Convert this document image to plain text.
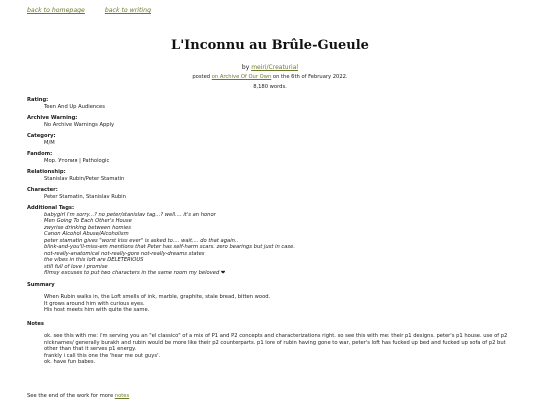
back to homepage	back to writing
L'Inconnu au Brûle-Gueule
by meiri/Creaturial
posted on Archive Of Our Own on the 6th of February 2022.
8,180 words.
Rating:
Teen And Up Audiences
Archive Warning:
No Archive Warnings Apply
Category:
M/M
Fandom:
Мор. Утопия | Pathologic
Relationship:
Stanislav Rubin/Peter Stamatin
Character:
Peter Stamatin, Stanislav Rubin
Additional Tags:
babygirl i'm sorry...? no peter/stanislav tag...? well.... it's an honor
Men Going To Each Other's House
zwyrise drinking between homies
Canon Alcohol Abuse/Alcoholism
peter stamatin gives "worst kiss ever" is asked to.... wait.... do that again..
blink-and-you'll-miss-em mentions that Peter has self-harm scars. zero bearings but just in case.
not-really-anatomical not-really-gore not-really-dreams states
the vibes in this loft are DELETERIOUS
still full of love i promise
flimsy excuses to put two characters in the same room my beloved ❤
Summary
When Rubin walks in, the Loft smells of ink, marble, graphite, stale bread, bitten wood.
It grows around him with curious eyes.
His host meets him with quite the same.
Notes
ok. see this with me: i'm serving you an "el classico" of a mix of P1 and P2 concepts and characterizations right. so see this with me: their p1 designs. peter's p1 house. use of p2 nicknames/ generally burakh and rubin would be more like their p2 counterparts. p1 lore of rubin having gone to war, peter's loft has fucked up bed and fucked up sofa of p2 but other than that it serves p1 energy.
frankly i call this one the 'hear me out guys'.
ok. have fun babes.
See the end of the work for more notes
